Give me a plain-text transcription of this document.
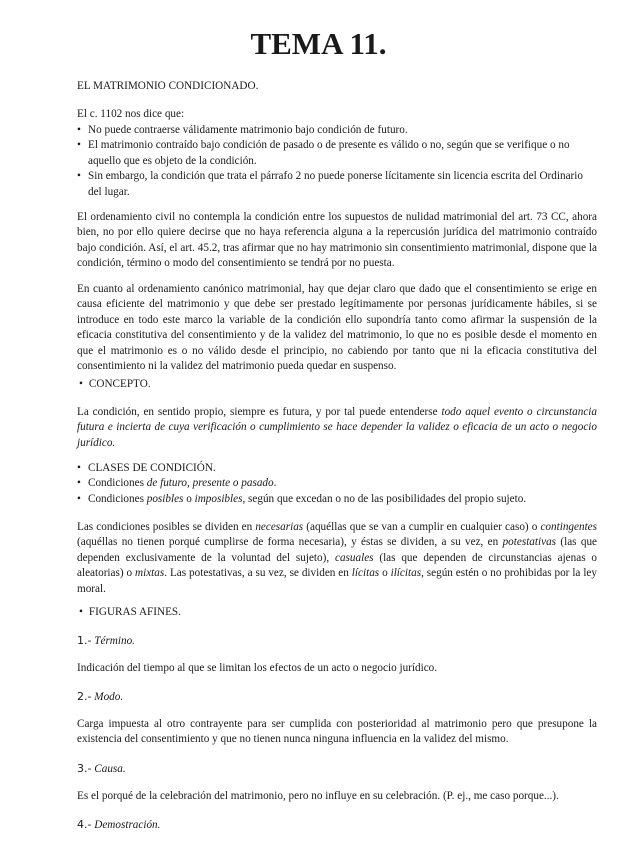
TEMA 11.

EL MATRIMONIO CONDICIONADO.

El c. 1102 nos dice que:

• No puede contraerse válidamente matrimonio bajo condición de futuro.
• El matrimonio contraído bajo condición de pasado o de presente es válido o no, según que se verifique o no aquello que es objeto de la condición.
• Sin embargo, la condición que trata el párrafo 2 no puede ponerse lícitamente sin licencia escrita del Ordinario del lugar.

El ordenamiento civil no contempla la condición entre los supuestos de nulidad matrimonial del art. 73 CC, ahora bien, no por ello quiere decirse que no haya referencia alguna a la repercusión jurídica del matrimonio contraído bajo condición. Así, el art. 45.2, tras afirmar que no hay matrimonio sin consentimiento matrimonial, dispone que la condición, término o modo del consentimiento se tendrá por no puesta.

En cuanto al ordenamiento canónico matrimonial, hay que dejar claro que dado que el consentimiento se erige en causa eficiente del matrimonio y que debe ser prestado legítimamente por personas jurídicamente hábiles, si se introduce en todo este marco la variable de la condición ello supondría tanto como afirmar la suspensión de la eficacia constitutiva del consentimiento y de la validez del matrimonio, lo que no es posible desde el momento en que el matrimonio es o no válido desde el principio, no cabiendo por tanto que ni la eficacia constitutiva del consentimiento ni la validez del matrimonio pueda quedar en suspenso.

• CONCEPTO.

La condición, en sentido propio, siempre es futura, y por tal puede entenderse todo aquel evento o circunstancia futura e incierta de cuya verificación o cumplimiento se hace depender la validez o eficacia de un acto o negocio jurídico.

• CLASES DE CONDICIÓN.
• Condiciones de futuro, presente o pasado.
• Condiciones posibles o imposibles, según que excedan o no de las posibilidades del propio sujeto.

Las condiciones posibles se dividen en necesarias (aquéllas que se van a cumplir en cualquier caso) o contingentes (aquéllas no tienen porqué cumplirse de forma necesaria), y éstas se dividen, a su vez, en potestativas (las que dependen exclusivamente de la voluntad del sujeto), casuales (las que dependen de circunstancias ajenas o aleatorias) o mixtas. Las potestativas, a su vez, se dividen en lícitas o ilícitas, según estén o no prohibidas por la ley moral.

• FIGURAS AFINES.

1.- Término.

Indicación del tiempo al que se limitan los efectos de un acto o negocio jurídico.

2.- Modo.

Carga impuesta al otro contrayente para ser cumplida con posterioridad al matrimonio pero que presupone la existencia del consentimiento y que no tienen nunca ninguna influencia en la validez del mismo.

3.- Causa.

Es el porqué de la celebración del matrimonio, pero no influye en su celebración. (P. ej., me caso porque...).

4.- Demostración.
